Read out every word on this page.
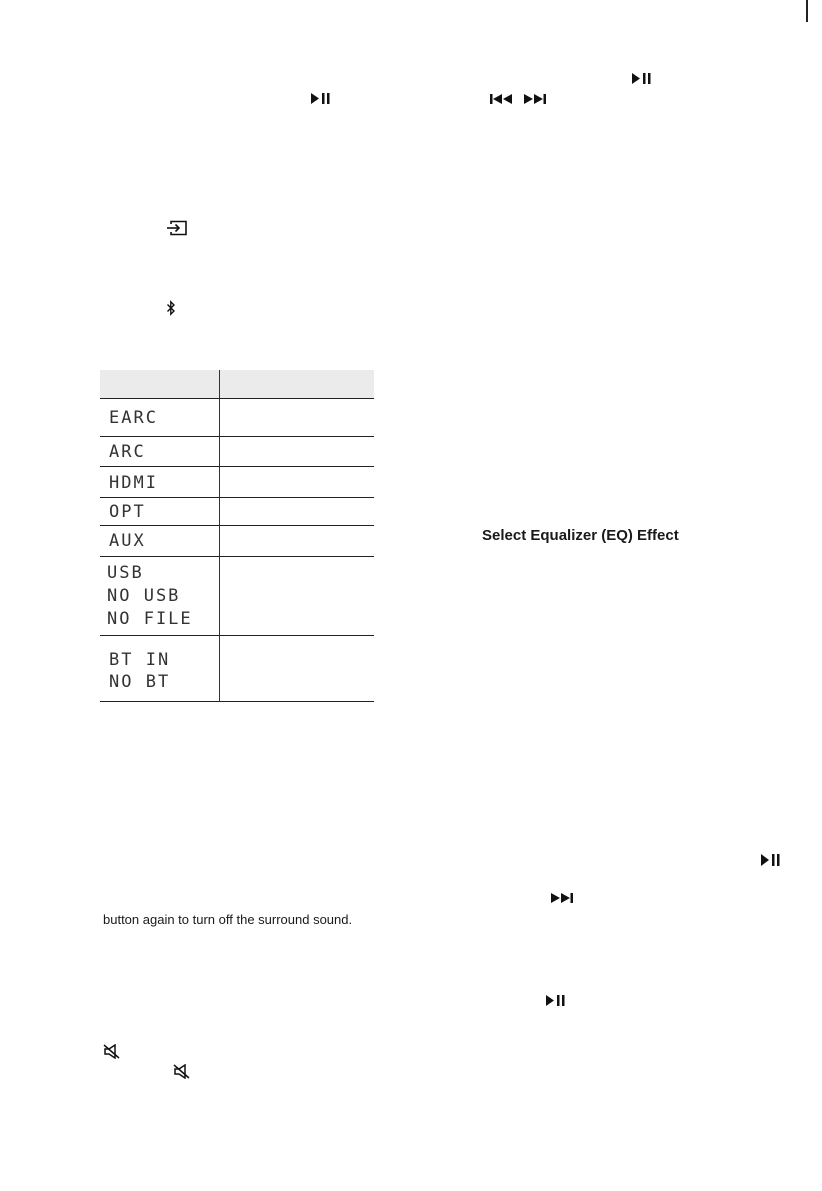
EARC
ARC
HDMI
OPT
AUX
USB
NO USB
NO FILE
BT IN
NO BT
Select Equalizer (EQ) Effect
button again to turn off the surround sound.
